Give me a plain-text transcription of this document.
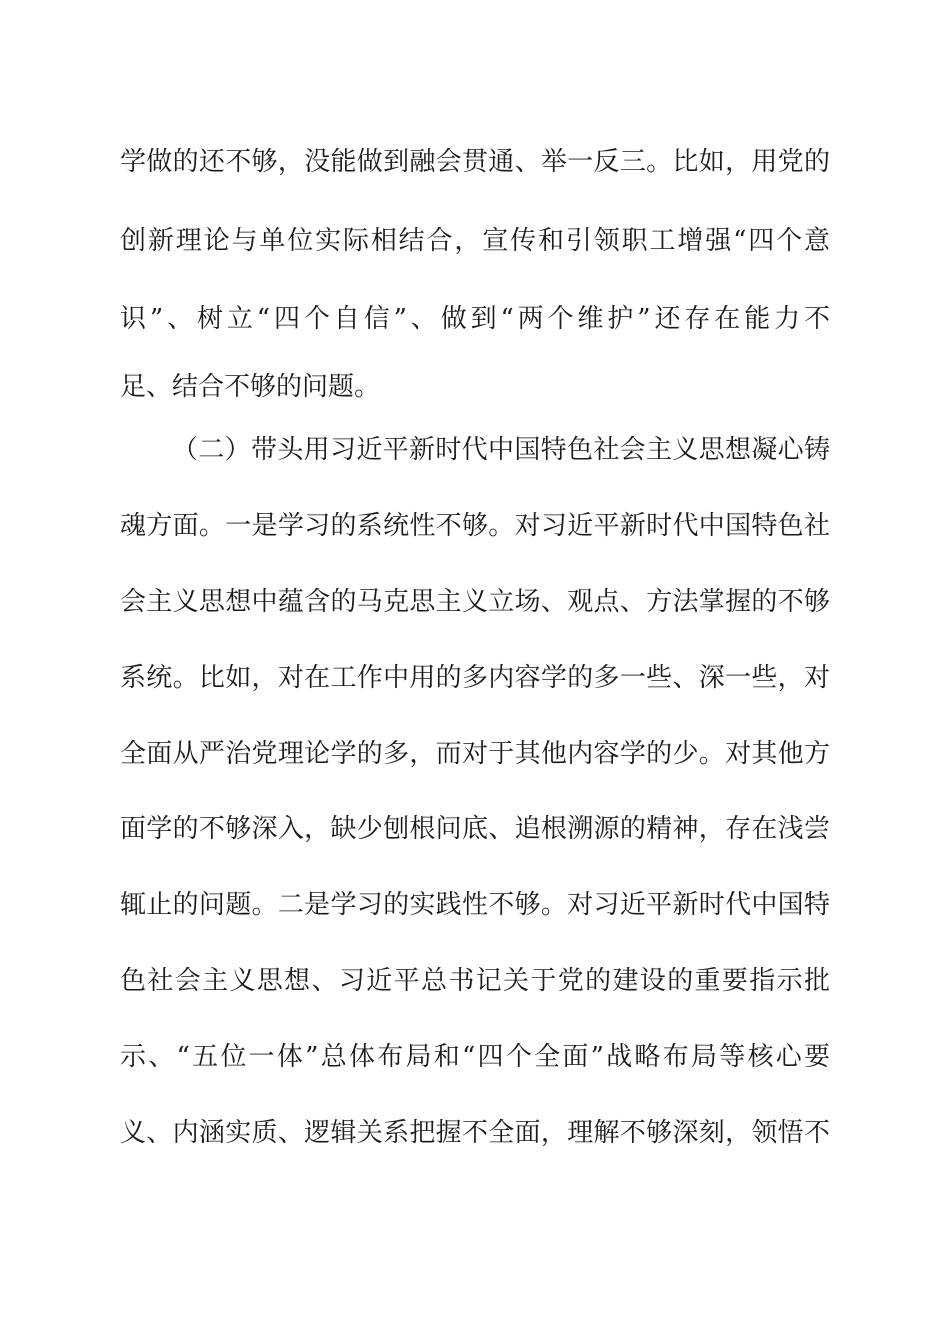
学做的还不够，没能做到融会贯通、举一反三。比如，用党的
创新理论与单位实际相结合，宣传和引领职工增强“四个意
识”、树立“四个自信”、做到“两个维护”还存在能力不
足、结合不够的问题。
（二）带头用习近平新时代中国特色社会主义思想凝心铸
魂方面。一是学习的系统性不够。对习近平新时代中国特色社
会主义思想中蕴含的马克思主义立场、观点、方法掌握的不够
系统。比如，对在工作中用的多内容学的多一些、深一些，对
全面从严治党理论学的多，而对于其他内容学的少。对其他方
面学的不够深入，缺少刨根问底、追根溯源的精神，存在浅尝
辄止的问题。二是学习的实践性不够。对习近平新时代中国特
色社会主义思想、习近平总书记关于党的建设的重要指示批
示、“五位一体”总体布局和“四个全面”战略布局等核心要
义、内涵实质、逻辑关系把握不全面，理解不够深刻，领悟不
